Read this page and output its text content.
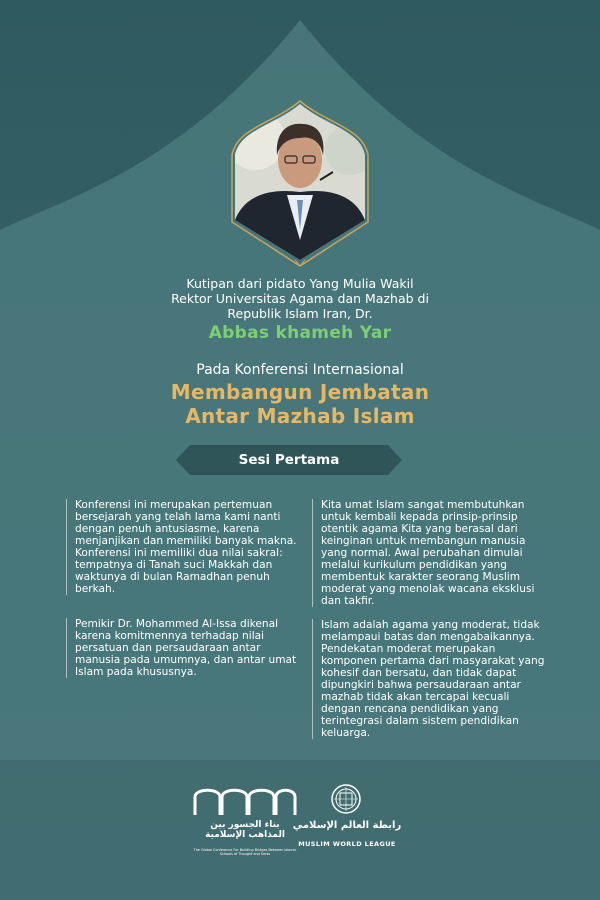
Kutipan dari pidato Yang Mulia Wakil
Rektor Universitas Agama dan Mazhab di
Republik Islam Iran, Dr.
Abbas khameh Yar
Pada Konferensi Internasional
Membangun Jembatan
Antar Mazhab Islam
Sesi Pertama
Konferensi ini merupakan pertemuan bersejarah yang telah lama kami nanti dengan penuh antusiasme, karena menjanjikan dan memiliki banyak makna. Konferensi ini memiliki dua nilai sakral: tempatnya di Tanah suci Makkah dan waktunya di bulan Ramadhan penuh berkah.
Pemikir Dr. Mohammed Al-Issa dikenal karena komitmennya terhadap nilai persatuan dan persaudaraan antar manusia pada umumnya, dan antar umat Islam pada khususnya.
Kita umat Islam sangat membutuhkan untuk kembali kepada prinsip-prinsip otentik agama Kita yang berasal dari keinginan untuk membangun manusia yang normal. Awal perubahan dimulai melalui kurikulum pendidikan yang membentuk karakter seorang Muslim moderat yang menolak wacana eksklusi dan takfir.
Islam adalah agama yang moderat, tidak melampaui batas dan mengabaikannya. Pendekatan moderat merupakan komponen pertama dari masyarakat yang kohesif dan bersatu, dan tidak dapat dipungkiri bahwa persaudaraan antar mazhab tidak akan tercapai kecuali dengan rencana pendidikan yang terintegrasi dalam sistem pendidikan keluarga.
بناء الجسور بين
المذاهب الإسلامية
The Global Conference For Building Bridges Between Islamic Schools of Thought and Sects
رابطة العالم الإسلامي
MUSLIM WORLD LEAGUE
